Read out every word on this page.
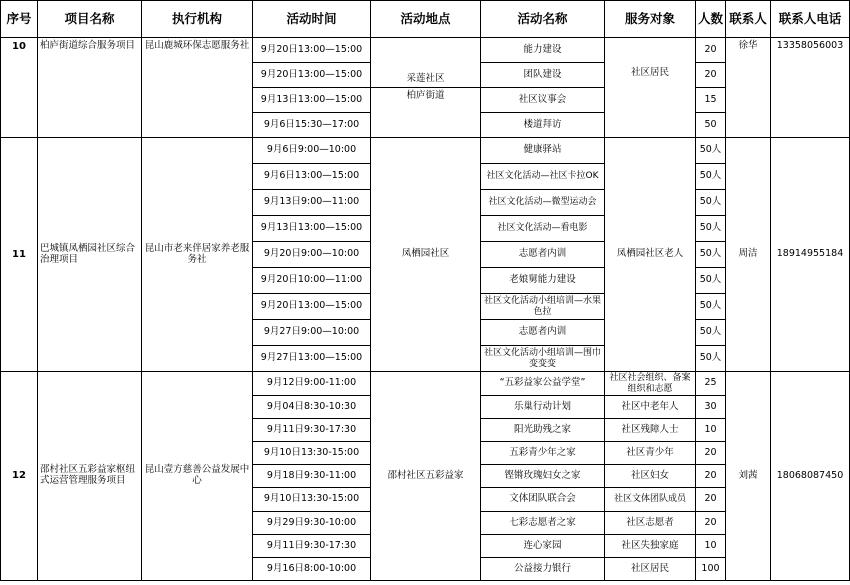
序号	项目名称	执行机构	活动时间	活动地点	活动名称	服务对象	人数	联系人	联系人电话
10	柏庐街道综合服务项目	昆山鹿城环保志愿服务社	9月20日13:00—15:00	采莲社区	能力建设	社区居民	20	徐华	13358056003
			9月20日13:00—15:00		团队建设		20		
			9月13日13:00—15:00	柏庐街道	社区议事会		15		
			9月6日15:30—17:00		楼道拜访		50		
11	巴城镇凤栖园社区综合治理项目	昆山市老来伴居家养老服务社	9月6日9:00—10:00	凤栖园社区	健康驿站	凤栖园社区老人	50人	周洁	18914955184
			9月6日13:00—15:00		社区文化活动—社区卡拉OK		50人		
			9月13日9:00—11:00		社区文化活动—微型运动会		50人		
			9月13日13:00—15:00		社区文化活动—看电影		50人		
			9月20日9:00—10:00		志愿者内训		50人		
			9月20日10:00—11:00		老娘舅能力建设		50人		
			9月20日13:00—15:00		社区文化活动小组培训—水果色拉		50人		
			9月27日9:00—10:00		志愿者内训		50人		
			9月27日13:00—15:00		社区文化活动小组培训—围巾变变变		50人		
12	邵村社区五彩益家枢纽式运营管理服务项目	昆山壹方慈善公益发展中心	9月12日9:00-11:00	邵村社区五彩益家	“五彩益家公益学堂”	社区社会组织、备案组织和志愿	25	刘茜	18068087450
			9月04日8:30-10:30		乐巢行动计划	社区中老年人	30		
			9月11日9:30-17:30		阳光助残之家	社区残障人士	10		
			9月10日13:30-15:00		五彩青少年之家	社区青少年	20		
			9月18日9:30-11:00		铿锵玫瑰妇女之家	社区妇女	20		
			9月10日13:30-15:00		文体团队联合会	社区文体团队成员	20		
			9月29日9:30-10:00		七彩志愿者之家	社区志愿者	20		
			9月11日9:30-17:30		连心家园	社区失独家庭	10		
			9月16日8:00-10:00		公益接力银行	社区居民	100		
